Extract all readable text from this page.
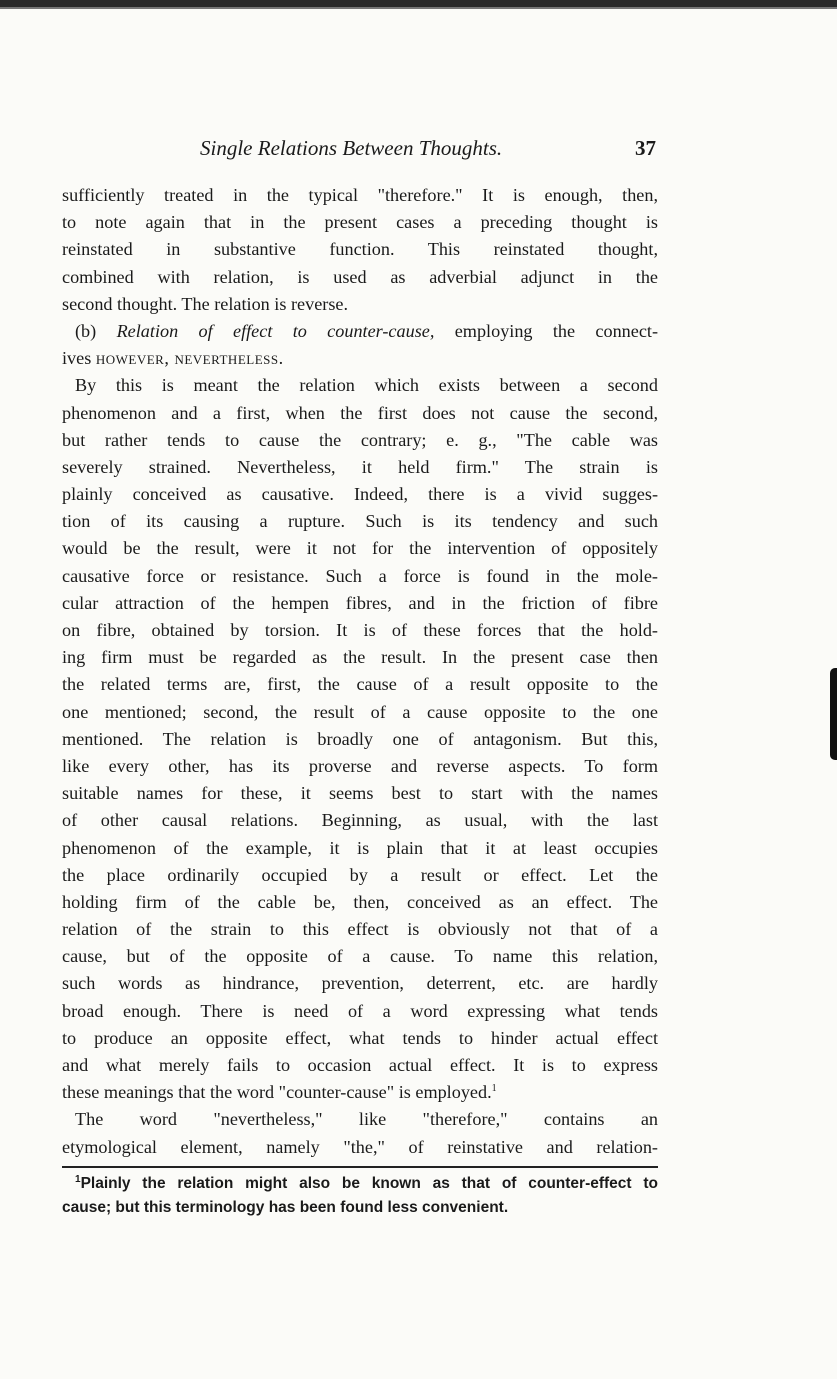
Single Relations Between Thoughts.	37
sufficiently treated in the typical "therefore." It is enough, then,
to note again that in the present cases a preceding thought is
reinstated in substantive function. This reinstated thought,
combined with relation, is used as adverbial adjunct in the
second thought. The relation is reverse.
(b) Relation of effect to counter-cause, employing the connect-
ives however, nevertheless.
By this is meant the relation which exists between a second
phenomenon and a first, when the first does not cause the second,
but rather tends to cause the contrary; e. g., "The cable was
severely strained. Nevertheless, it held firm." The strain is
plainly conceived as causative. Indeed, there is a vivid sugges-
tion of its causing a rupture. Such is its tendency and such
would be the result, were it not for the intervention of oppositely
causative force or resistance. Such a force is found in the mole-
cular attraction of the hempen fibres, and in the friction of fibre
on fibre, obtained by torsion. It is of these forces that the hold-
ing firm must be regarded as the result. In the present case then
the related terms are, first, the cause of a result opposite to the
one mentioned; second, the result of a cause opposite to the one
mentioned. The relation is broadly one of antagonism. But this,
like every other, has its proverse and reverse aspects. To form
suitable names for these, it seems best to start with the names
of other causal relations. Beginning, as usual, with the last
phenomenon of the example, it is plain that it at least occupies
the place ordinarily occupied by a result or effect. Let the
holding firm of the cable be, then, conceived as an effect. The
relation of the strain to this effect is obviously not that of a
cause, but of the opposite of a cause. To name this relation,
such words as hindrance, prevention, deterrent, etc. are hardly
broad enough. There is need of a word expressing what tends
to produce an opposite effect, what tends to hinder actual effect
and what merely fails to occasion actual effect. It is to express
these meanings that the word "counter-cause" is employed.$^1$
The word "nevertheless," like "therefore," contains an
etymological element, namely "the," of reinstative and relation-
$^1$Plainly the relation might also be known as that of counter-effect to
cause; but this terminology has been found less convenient.
